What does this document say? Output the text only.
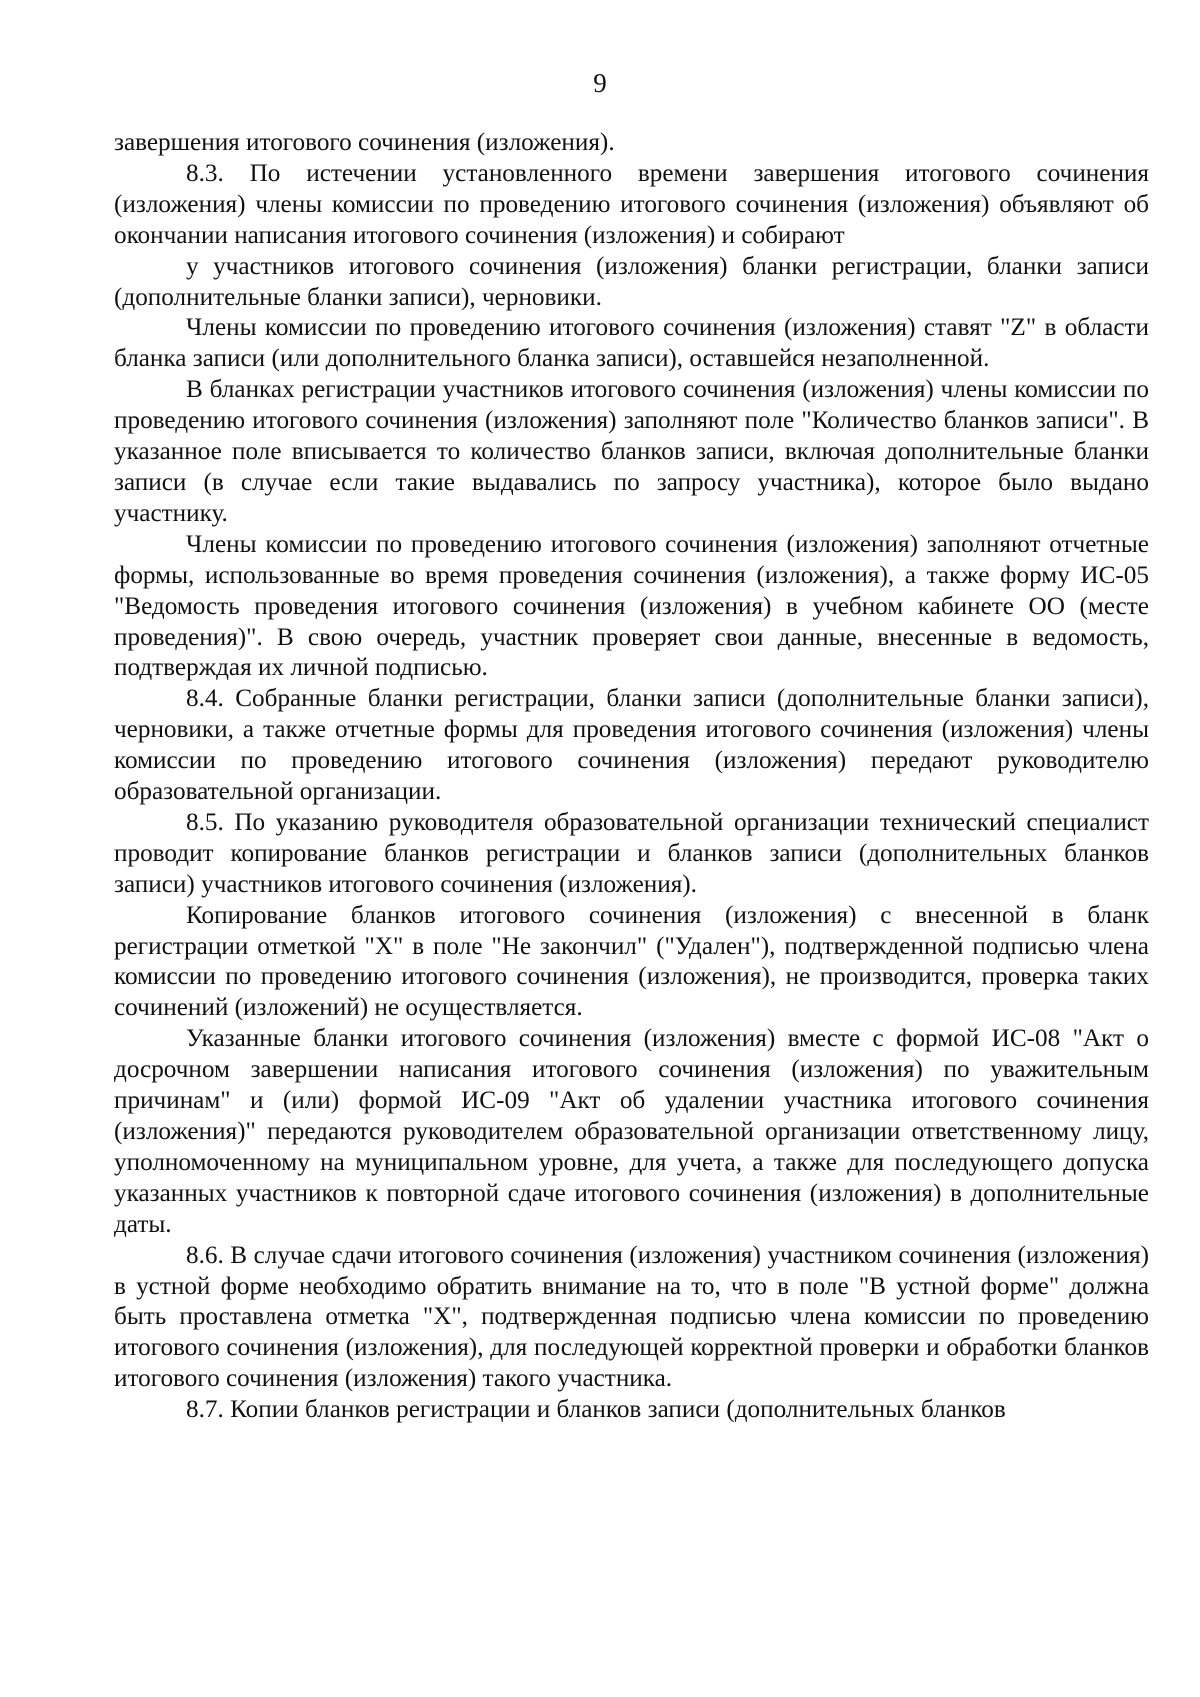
9

завершения итогового сочинения (изложения).

8.3. По истечении установленного времени завершения итогового сочинения (изложения) члены комиссии по проведению итогового сочинения (изложения) объявляют об окончании написания итогового сочинения (изложения) и собирают

у участников итогового сочинения (изложения) бланки регистрации, бланки записи (дополнительные бланки записи), черновики.

Члены комиссии по проведению итогового сочинения (изложения) ставят "Z" в области бланка записи (или дополнительного бланка записи), оставшейся незаполненной.

В бланках регистрации участников итогового сочинения (изложения) члены комиссии по проведению итогового сочинения (изложения) заполняют поле "Количество бланков записи". В указанное поле вписывается то количество бланков записи, включая дополнительные бланки записи (в случае если такие выдавались по запросу участника), которое было выдано участнику.

Члены комиссии по проведению итогового сочинения (изложения) заполняют отчетные формы, использованные во время проведения сочинения (изложения), а также форму ИС-05 "Ведомость проведения итогового сочинения (изложения) в учебном кабинете ОО (месте проведения)". В свою очередь, участник проверяет свои данные, внесенные в ведомость, подтверждая их личной подписью.

8.4. Собранные бланки регистрации, бланки записи (дополнительные бланки записи), черновики, а также отчетные формы для проведения итогового сочинения (изложения) члены комиссии по проведению итогового сочинения (изложения) передают руководителю образовательной организации.

8.5. По указанию руководителя образовательной организации технический специалист проводит копирование бланков регистрации и бланков записи (дополнительных бланков записи) участников итогового сочинения (изложения).

Копирование бланков итогового сочинения (изложения) с внесенной в бланк регистрации отметкой "X" в поле "Не закончил" ("Удален"), подтвержденной подписью члена комиссии по проведению итогового сочинения (изложения), не производится, проверка таких сочинений (изложений) не осуществляется.

Указанные бланки итогового сочинения (изложения) вместе с формой ИС-08 "Акт о досрочном завершении написания итогового сочинения (изложения) по уважительным причинам" и (или) формой ИС-09 "Акт об удалении участника итогового сочинения (изложения)" передаются руководителем образовательной организации ответственному лицу, уполномоченному на муниципальном уровне, для учета, а также для последующего допуска указанных участников к повторной сдаче итогового сочинения (изложения) в дополнительные даты.

8.6. В случае сдачи итогового сочинения (изложения) участником сочинения (изложения) в устной форме необходимо обратить внимание на то, что в поле "В устной форме" должна быть проставлена отметка "X", подтвержденная подписью члена комиссии по проведению итогового сочинения (изложения), для последующей корректной проверки и обработки бланков итогового сочинения (изложения) такого участника.

8.7. Копии бланков регистрации и бланков записи (дополнительных бланков
